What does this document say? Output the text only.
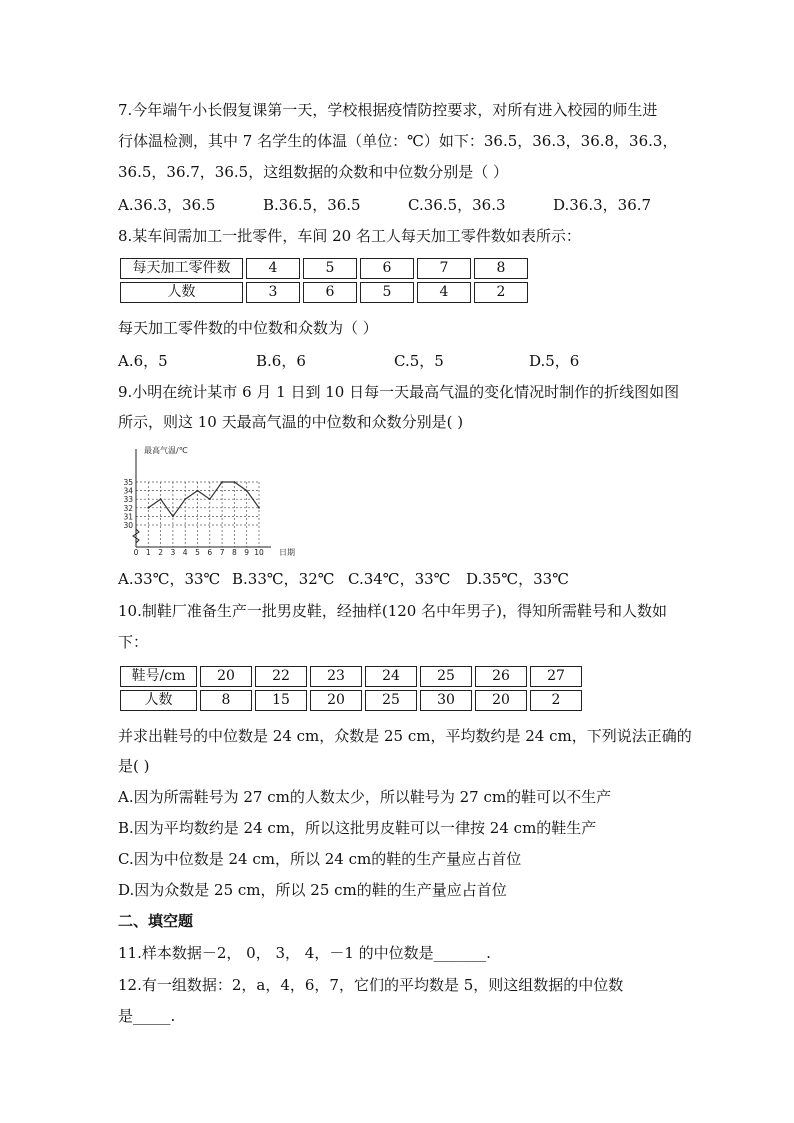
7.今年端午小长假复课第一天，学校根据疫情防控要求，对所有进入校园的师生进
行体温检测，其中 7 名学生的体温（单位：℃）如下：36.5，36.3，36.8，36.3，
36.5，36.7，36.5，这组数据的众数和中位数分别是（ ）
A.36.3，36.5	B.36.5，36.5	C.36.5，36.3	D.36.3，36.7
8.某车间需加工一批零件，车间 20 名工人每天加工零件数如表所示：
每天加工零件数	4	5	6	7	8
人数	3	6	5	4	2
每天加工零件数的中位数和众数为（ ）
A.6，5	B.6，6	C.5，5	D.5，6
9.小明在统计某市 6 月 1 日到 10 日每一天最高气温的变化情况时制作的折线图如图
所示，则这 10 天最高气温的中位数和众数分别是( )
30
31
32
33
34
35
0 1 2 3 4 5 6 7 8 9 10
最高气温/℃
日期
A.33℃，33℃ B.33℃，32℃ C.34℃，33℃	D.35℃，33℃
10.制鞋厂准备生产一批男皮鞋，经抽样(120 名中年男子)，得知所需鞋号和人数如
下：
鞋号/cm	20	22	23	24	25	26	27
人数	8	15	20	25	30	20	2
并求出鞋号的中位数是 24 cm，众数是 25 cm，平均数约是 24 cm，下列说法正确的
是( )
A.因为所需鞋号为 27 cm的人数太少，所以鞋号为 27 cm的鞋可以不生产
B.因为平均数约是 24 cm，所以这批男皮鞋可以一律按 24 cm的鞋生产
C.因为中位数是 24 cm，所以 24 cm的鞋的生产量应占首位
D.因为众数是 25 cm，所以 25 cm的鞋的生产量应占首位
二、填空题
11.样本数据－2， 0， 3， 4，－1 的中位数是_______.
12.有一组数据：2，a，4，6，7，它们的平均数是 5，则这组数据的中位数
是_____.
